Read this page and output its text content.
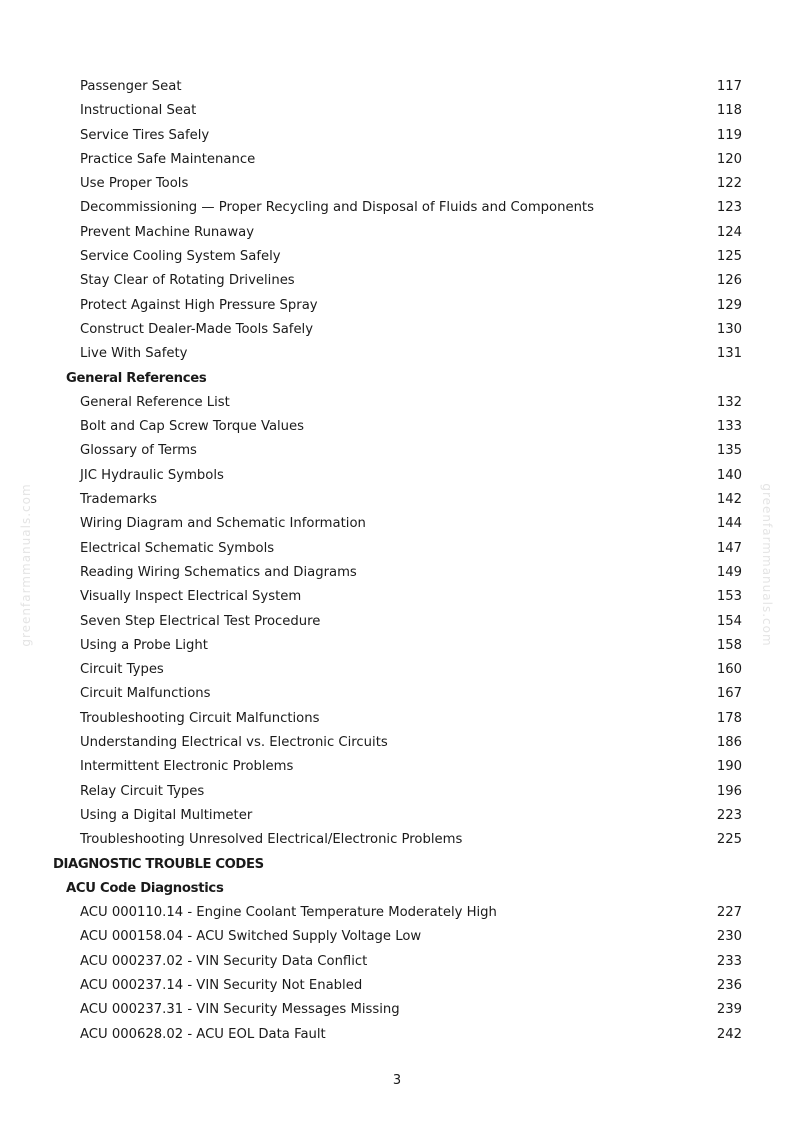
greenfarmmanuals.com	greenfarmmanuals.com
Passenger Seat	117
Instructional Seat	118
Service Tires Safely	119
Practice Safe Maintenance	120
Use Proper Tools	122
Decommissioning — Proper Recycling and Disposal of Fluids and Components	123
Prevent Machine Runaway	124
Service Cooling System Safely	125
Stay Clear of Rotating Drivelines	126
Protect Against High Pressure Spray	129
Construct Dealer-Made Tools Safely	130
Live With Safety	131
General References
General Reference List	132
Bolt and Cap Screw Torque Values	133
Glossary of Terms	135
JIC Hydraulic Symbols	140
Trademarks	142
Wiring Diagram and Schematic Information	144
Electrical Schematic Symbols	147
Reading Wiring Schematics and Diagrams	149
Visually Inspect Electrical System	153
Seven Step Electrical Test Procedure	154
Using a Probe Light	158
Circuit Types	160
Circuit Malfunctions	167
Troubleshooting Circuit Malfunctions	178
Understanding Electrical vs. Electronic Circuits	186
Intermittent Electronic Problems	190
Relay Circuit Types	196
Using a Digital Multimeter	223
Troubleshooting Unresolved Electrical/Electronic Problems	225
DIAGNOSTIC TROUBLE CODES
ACU Code Diagnostics
ACU 000110.14 - Engine Coolant Temperature Moderately High	227
ACU 000158.04 - ACU Switched Supply Voltage Low	230
ACU 000237.02 - VIN Security Data Conflict	233
ACU 000237.14 - VIN Security Not Enabled	236
ACU 000237.31 - VIN Security Messages Missing	239
ACU 000628.02 - ACU EOL Data Fault	242
3
